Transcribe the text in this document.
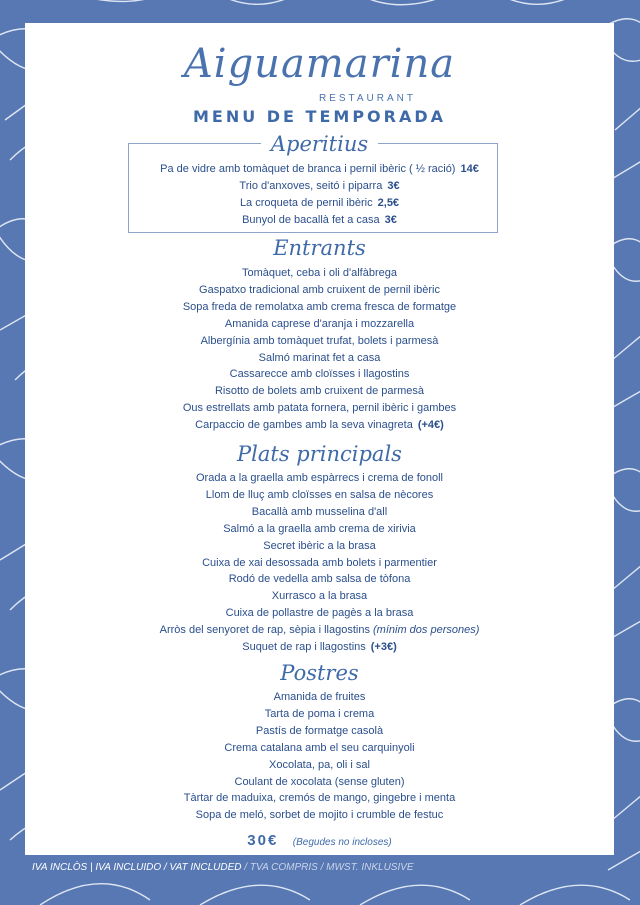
Aiguamarina
RESTAURANT
MENU DE TEMPORADA
Aperitius
Pa de vidre amb tomàquet de branca i pernil ibèric ( ½ ració) 14€
Trio d'anxoves, seitó i piparra 3€
La croqueta de pernil ibèric 2,5€
Bunyol de bacallà fet a casa 3€
Entrants
Tomàquet, ceba i oli d'alfàbrega
Gaspatxo tradicional amb cruixent de pernil ibèric
Sopa freda de remolatxa amb crema fresca de formatge
Amanida caprese d'aranja i mozzarella
Albergínia amb tomàquet trufat, bolets i parmesà
Salmó marinat fet a casa
Cassarecce amb cloïsses i llagostins
Risotto de bolets amb cruixent de parmesà
Ous estrellats amb patata fornera, pernil ibèric i gambes
Carpaccio de gambes amb la seva vinagreta (+4€)
Plats principals
Orada a la graella amb espàrrecs i crema de fonoll
Llom de lluç amb cloïsses en salsa de nècores
Bacallà amb musselina d'all
Salmó a la graella amb crema de xirivia
Secret ibèric a la brasa
Cuixa de xai desossada amb bolets i parmentier
Rodó de vedella amb salsa de tòfona
Xurrasco a la brasa
Cuixa de pollastre de pagès a la brasa
Arròs del senyoret de rap, sèpia i llagostins (mínim dos persones)
Suquet de rap i llagostins (+3€)
Postres
Amanida de fruites
Tarta de poma i crema
Pastís de formatge casolà
Crema catalana amb el seu carquinyoli
Xocolata, pa, oli i sal
Coulant de xocolata (sense gluten)
Tàrtar de maduixa, cremós de mango, gingebre i menta
Sopa de meló, sorbet de mojito i crumble de festuc
30€ (Begudes no incloses)
IVA INCLÒS | IVA INCLUIDO / VAT INCLUDED / TVA COMPRIS / MWST. INKLUSIVE
